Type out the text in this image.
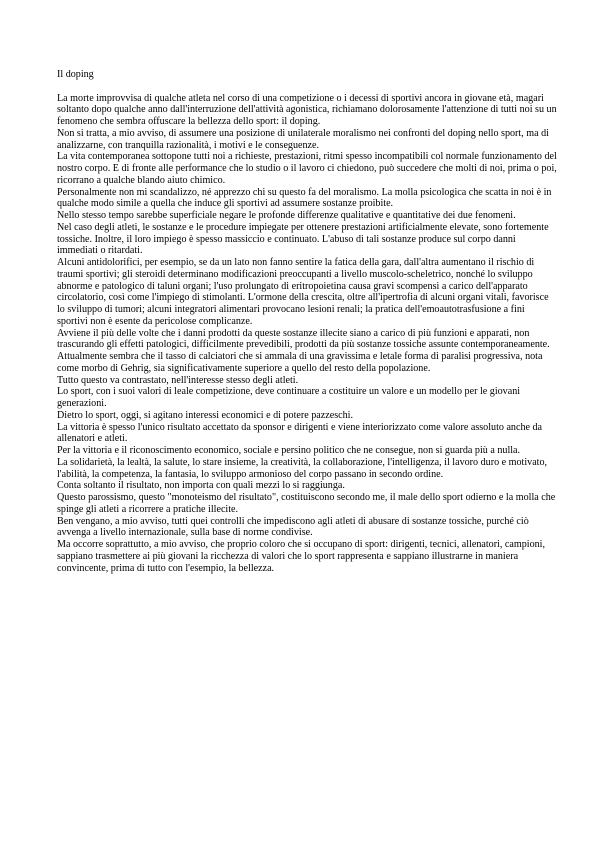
Il doping

La morte improvvisa di qualche atleta nel corso di una competizione o i decessi di sportivi ancora in giovane età, magari soltanto dopo qualche anno dall'interruzione dell'attività agonistica, richiamano dolorosamente l'attenzione di tutti noi su un fenomeno che sembra offuscare la bellezza dello sport: il doping.

Non si tratta, a mio avviso, di assumere una posizione di unilaterale moralismo nei confronti del doping nello sport, ma di analizzarne, con tranquilla razionalità, i motivi e le conseguenze.

La vita contemporanea sottopone tutti noi a richieste, prestazioni, ritmi spesso incompatibili col normale funzionamento del nostro corpo. E di fronte alle performance che lo studio o il lavoro ci chiedono, può succedere che molti di noi, prima o poi, ricorrano a qualche blando aiuto chimico.

Personalmente non mi scandalizzo, né apprezzo chi su questo fa del moralismo. La molla psicologica che scatta in noi è in qualche modo simile a quella che induce gli sportivi ad assumere sostanze proibite.

Nello stesso tempo sarebbe superficiale negare le profonde differenze qualitative e quantitative dei due fenomeni.

Nel caso degli atleti, le sostanze e le procedure impiegate per ottenere prestazioni artificialmente elevate, sono fortemente tossiche. Inoltre, il loro impiego è spesso massiccio e continuato. L'abuso di tali sostanze produce sul corpo danni immediati o ritardati.

Alcuni antidolorifici, per esempio, se da un lato non fanno sentire la fatica della gara, dall'altra aumentano il rischio di traumi sportivi; gli steroidi determinano modificazioni preoccupanti a livello muscolo-scheletrico, nonché lo sviluppo abnorme e patologico di taluni organi; l'uso prolungato di eritropoietina causa gravi scompensi a carico dell'apparato circolatorio, così come l'impiego di stimolanti. L'ormone della crescita, oltre all'ipertrofia di alcuni organi vitali, favorisce lo sviluppo di tumori; alcuni integratori alimentari provocano lesioni renali; la pratica dell'emoautotrasfusione a fini sportivi non è esente da pericolose complicanze.

Avviene il più delle volte che i danni prodotti da queste sostanze illecite siano a carico di più funzioni e apparati, non trascurando gli effetti patologici, difficilmente prevedibili, prodotti da più sostanze tossiche assunte contemporaneamente.

Attualmente sembra che il tasso di calciatori che si ammala di una gravissima e letale forma di paralisi progressiva, nota come morbo di Gehrig, sia significativamente superiore a quello del resto della popolazione.

Tutto questo va contrastato, nell'interesse stesso degli atleti.

Lo sport, con i suoi valori di leale competizione, deve continuare a costituire un valore e un modello per le giovani generazioni.

Dietro lo sport, oggi, si agitano interessi economici e di potere pazzeschi.

La vittoria è spesso l'unico risultato accettato da sponsor e dirigenti e viene interiorizzato come valore assoluto anche da allenatori e atleti.

Per la vittoria e il riconoscimento economico, sociale e persino politico che ne consegue, non si guarda più a nulla.

La solidarietà, la lealtà, la salute, lo stare insieme, la creatività, la collaborazione, l'intelligenza, il lavoro duro e motivato, l'abilità, la competenza, la fantasia, lo sviluppo armonioso del corpo passano in secondo ordine.

Conta soltanto il risultato, non importa con quali mezzi lo si raggiunga.

Questo parossismo, questo "monoteismo del risultato", costituiscono secondo me, il male dello sport odierno e la molla che spinge gli atleti a ricorrere a pratiche illecite.

Ben vengano, a mio avviso, tutti quei controlli che impediscono agli atleti di abusare di sostanze tossiche, purché ciò avvenga a livello internazionale, sulla base di norme condivise.

Ma occorre soprattutto, a mio avviso, che proprio coloro che si occupano di sport: dirigenti, tecnici, allenatori, campioni, sappiano trasmettere ai più giovani la ricchezza di valori che lo sport rappresenta e sappiano illustrarne in maniera convincente, prima di tutto con l'esempio, la bellezza.
